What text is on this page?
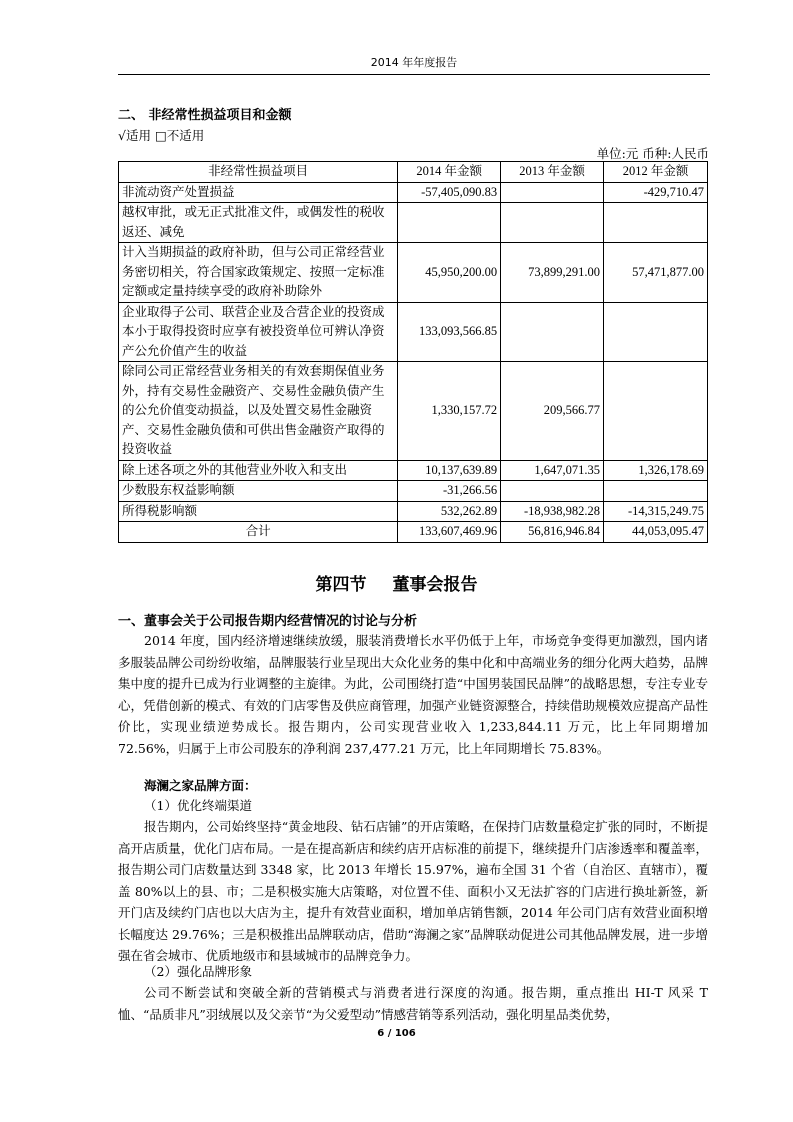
2014 年年度报告
二、 非经常性损益项目和金额
√适用 □不适用
单位:元 币种:人民币
非经常性损益项目	2014 年金额	2013 年金额	2012 年金额
非流动资产处置损益	-57,405,090.83		-429,710.47
越权审批，或无正式批准文件，或偶发性的税收返还、减免			
计入当期损益的政府补助，但与公司正常经营业务密切相关，符合国家政策规定、按照一定标准定额或定量持续享受的政府补助除外	45,950,200.00	73,899,291.00	57,471,877.00
企业取得子公司、联营企业及合营企业的投资成本小于取得投资时应享有被投资单位可辨认净资产公允价值产生的收益	133,093,566.85		
除同公司正常经营业务相关的有效套期保值业务外，持有交易性金融资产、交易性金融负债产生的公允价值变动损益，以及处置交易性金融资产、交易性金融负债和可供出售金融资产取得的投资收益	1,330,157.72	209,566.77	
除上述各项之外的其他营业外收入和支出	10,137,639.89	1,647,071.35	1,326,178.69
少数股东权益影响额	-31,266.56		
所得税影响额	532,262.89	-18,938,982.28	-14,315,249.75
合计	133,607,469.96	56,816,946.84	44,053,095.47
第四节 董事会报告
一、董事会关于公司报告期内经营情况的讨论与分析

2014 年度，国内经济增速继续放缓，服装消费增长水平仍低于上年，市场竞争变得更加激烈，国内诸多服装品牌公司纷纷收缩，品牌服装行业呈现出大众化业务的集中化和中高端业务的细分化两大趋势，品牌集中度的提升已成为行业调整的主旋律。为此，公司围绕打造“中国男装国民品牌”的战略思想，专注专业专心，凭借创新的模式、有效的门店零售及供应商管理，加强产业链资源整合，持续借助规模效应提高产品性价比，实现业绩逆势成长。报告期内，公司实现营业收入 1,233,844.11 万元，比上年同期增加 72.56%，归属于上市公司股东的净利润 237,477.21 万元，比上年同期增长 75.83%。

海澜之家品牌方面：
（1）优化终端渠道

报告期内，公司始终坚持“黄金地段、钻石店铺”的开店策略，在保持门店数量稳定扩张的同时，不断提高开店质量，优化门店布局。一是在提高新店和续约店开店标准的前提下，继续提升门店渗透率和覆盖率，报告期公司门店数量达到 3348 家，比 2013 年增长 15.97%，遍布全国 31 个省（自治区、直辖市），覆盖 80%以上的县、市；二是积极实施大店策略，对位置不佳、面积小又无法扩容的门店进行换址新签，新开门店及续约门店也以大店为主，提升有效营业面积，增加单店销售额，2014 年公司门店有效营业面积增长幅度达 29.76%；三是积极推出品牌联动店，借助“海澜之家”品牌联动促进公司其他品牌发展，进一步增强在省会城市、优质地级市和县域城市的品牌竞争力。

（2）强化品牌形象

公司不断尝试和突破全新的营销模式与消费者进行深度的沟通。报告期，重点推出 HI-T 风采 T 恤、“品质非凡”羽绒展以及父亲节“为父爱型动”情感营销等系列活动，强化明星品类优势，

6 / 106
